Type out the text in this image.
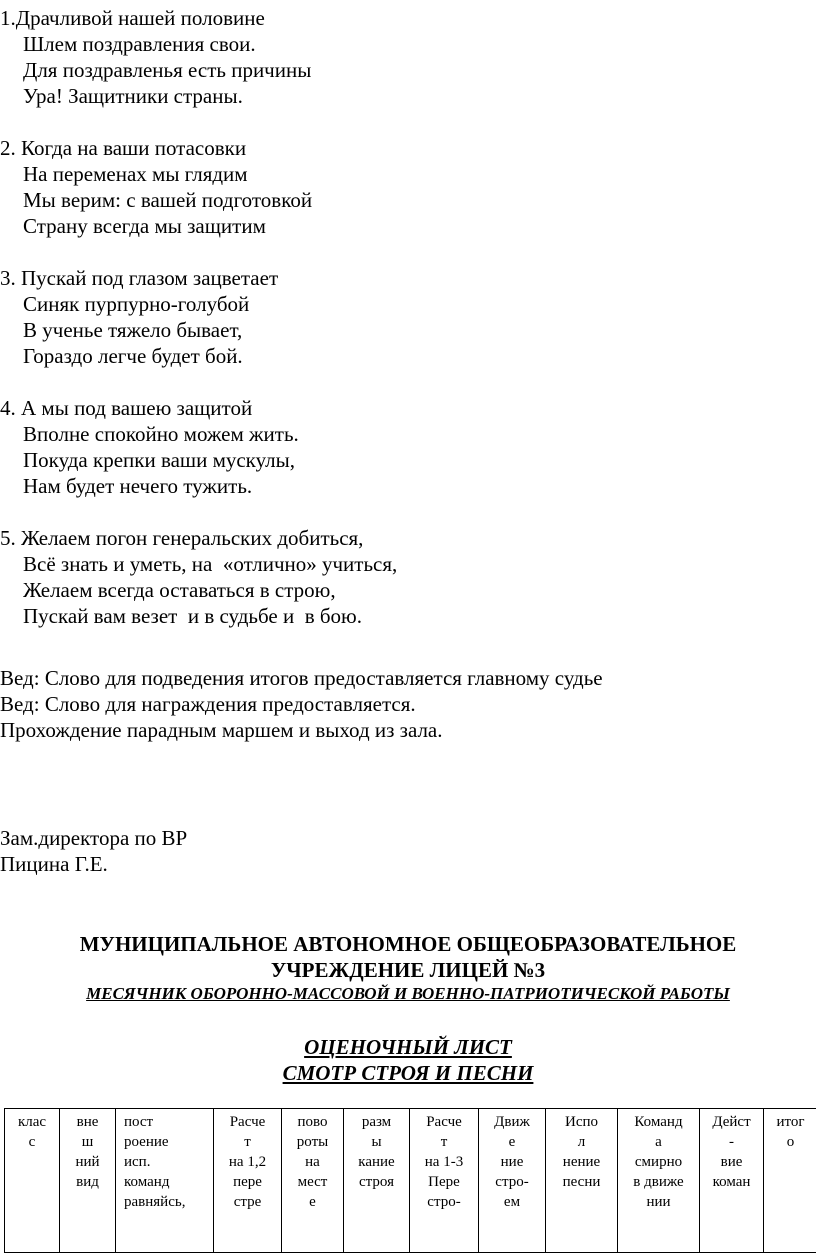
1.Драчливой нашей половине
Шлем поздравления свои.
Для поздравленья есть причины
Ура! Защитники страны.
2. Когда на ваши потасовки
На переменах мы глядим
Мы верим: с вашей подготовкой
Страну всегда мы защитим
3. Пускай под глазом зацветает
Синяк пурпурно-голубой
В ученье тяжело бывает,
Гораздо легче будет бой.
4. А мы под вашею защитой
Вполне спокойно можем жить.
Покуда крепки ваши мускулы,
Нам будет нечего тужить.
5. Желаем погон генеральских добиться,
Всё знать и уметь, на  «отлично» учиться,
Желаем всегда оставаться в строю,
Пускай вам везет  и в судьбе и  в бою.
Вед: Слово для подведения итогов предоставляется главному судье
Вед: Слово для награждения предоставляется.
Прохождение парадным маршем и выход из зала.
Зам.директора по ВР
Пицина Г.Е.
МУНИЦИПАЛЬНОЕ АВТОНОМНОЕ ОБЩЕОБРАЗОВАТЕЛЬНОЕ
УЧРЕЖДЕНИЕ ЛИЦЕЙ №3
МЕСЯЧНИК ОБОРОННО-МАССОВОЙ И ВОЕННО-ПАТРИОТИЧЕСКОЙ РАБОТЫ
ОЦЕНОЧНЫЙ ЛИСТ
СМОТР СТРОЯ И ПЕСНИ
клас
с

вне
ш
ний
вид

пост
роение
исп.
команд
равняйсь,

Расче
т
на 1,2
пере
стре

пово
роты
на
мест
е

разм
ы
кание
строя

Расче
т
на 1-3
Пере
стро-

Движ
е
ние
стро-
ем

Испо
л
нение
песни

Команд
а
смирно
в движе
нии

Дейст
-
вие
коман

итог
о
